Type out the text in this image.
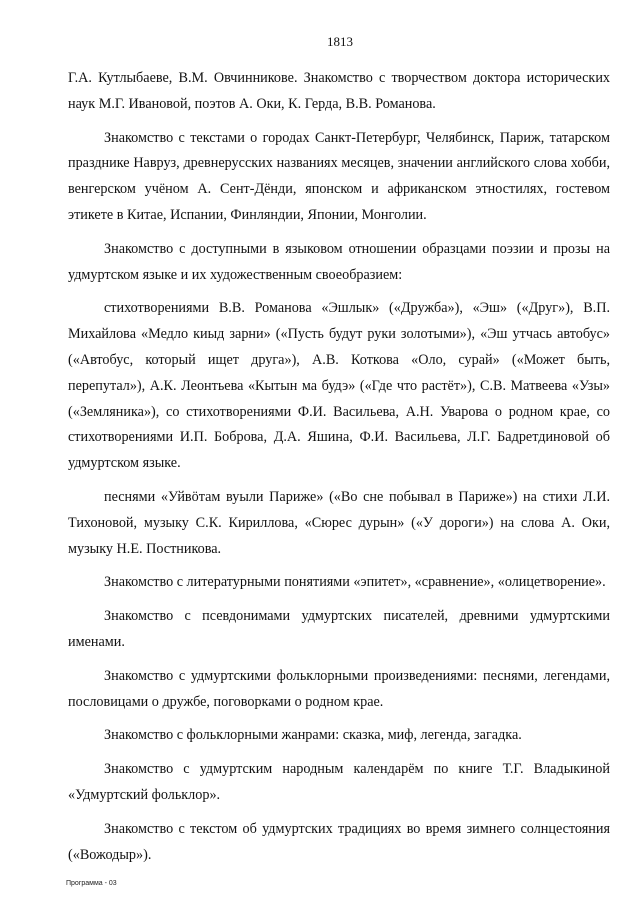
1813

Г.А. Кутлыбаеве, В.М. Овчинникове. Знакомство с творчеством доктора исторических наук М.Г. Ивановой, поэтов А. Оки, К. Герда, В.В. Романова.

Знакомство с текстами о городах Санкт-Петербург, Челябинск, Париж, татарском празднике Навруз, древнерусских названиях месяцев, значении английского слова хобби, венгерском учёном А. Сент-Дёнди, японском и африканском этностилях, гостевом этикете в Китае, Испании, Финляндии, Японии, Монголии.

Знакомство с доступными в языковом отношении образцами поэзии и прозы на удмуртском языке и их художественным своеобразием:

стихотворениями В.В. Романова «Эшлык» («Дружба»), «Эш» («Друг»), В.П. Михайлова «Медло киыд зарни» («Пусть будут руки золотыми»), «Эш утчась автобус» («Автобус, который ищет друга»), А.В. Коткова «Оло, сурай» («Может быть, перепутал»), А.К. Леонтьева «Кытын ма будэ» («Где что растёт»), С.В. Матвеева «Узы» («Земляника»), со стихотворениями Ф.И. Васильева, А.Н. Уварова о родном крае, со стихотворениями И.П. Боброва, Д.А. Яшина, Ф.И. Васильева, Л.Г. Бадретдиновой об удмуртском языке.

песнями «Уйвӧтам вуыли Париже» («Во сне побывал в Париже») на стихи Л.И. Тихоновой, музыку С.К. Кириллова, «Сюрес дурын» («У дороги») на слова А. Оки, музыку Н.Е. Постникова.

Знакомство с литературными понятиями «эпитет», «сравнение», «олицетворение».

Знакомство с псевдонимами удмуртских писателей, древними удмуртскими именами.

Знакомство с удмуртскими фольклорными произведениями: песнями, легендами, пословицами о дружбе, поговорками о родном крае.

Знакомство с фольклорными жанрами: сказка, миф, легенда, загадка.

Знакомство с удмуртским народным календарём по книге Т.Г. Владыкиной «Удмуртский фольклор».

Знакомство с текстом об удмуртских традициях во время зимнего солнцестояния («Вожодыр»).

Программа - 03
